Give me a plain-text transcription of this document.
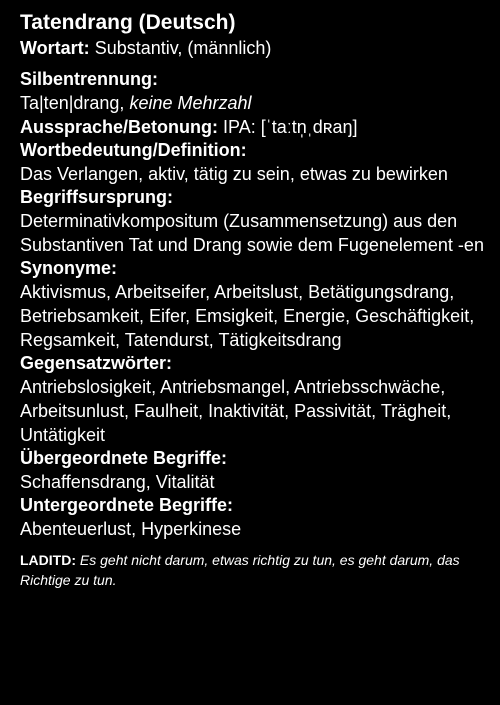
Tatendrang (Deutsch)

Wortart: Substantiv, (männlich)

Silbentrennung:

Ta|ten|drang, keine Mehrzahl

Aussprache/Betonung: IPA: [ˈtaːtn̩ˌdʀaŋ]

Wortbedeutung/Definition:

Das Verlangen, aktiv, tätig zu sein, etwas zu bewirken

Begriffsursprung:

Determinativkompositum (Zusammensetzung) aus den Substantiven Tat und Drang sowie dem Fugenelement -en

Synonyme:

Aktivismus, Arbeitseifer, Arbeitslust, Betätigungsdrang, Betriebsamkeit, Eifer, Emsigkeit, Energie, Geschäftigkeit, Regsamkeit, Tatendurst, Tätigkeitsdrang

Gegensatzwörter:

Antriebslosigkeit, Antriebsmangel, Antriebsschwäche, Arbeitsunlust, Faulheit, Inaktivität, Passivität, Trägheit, Untätigkeit

Übergeordnete Begriffe:

Schaffensdrang, Vitalität

Untergeordnete Begriffe:

Abenteuerlust, Hyperkinese

LADITD: Es geht nicht darum, etwas richtig zu tun, es geht darum, das Richtige zu tun.
